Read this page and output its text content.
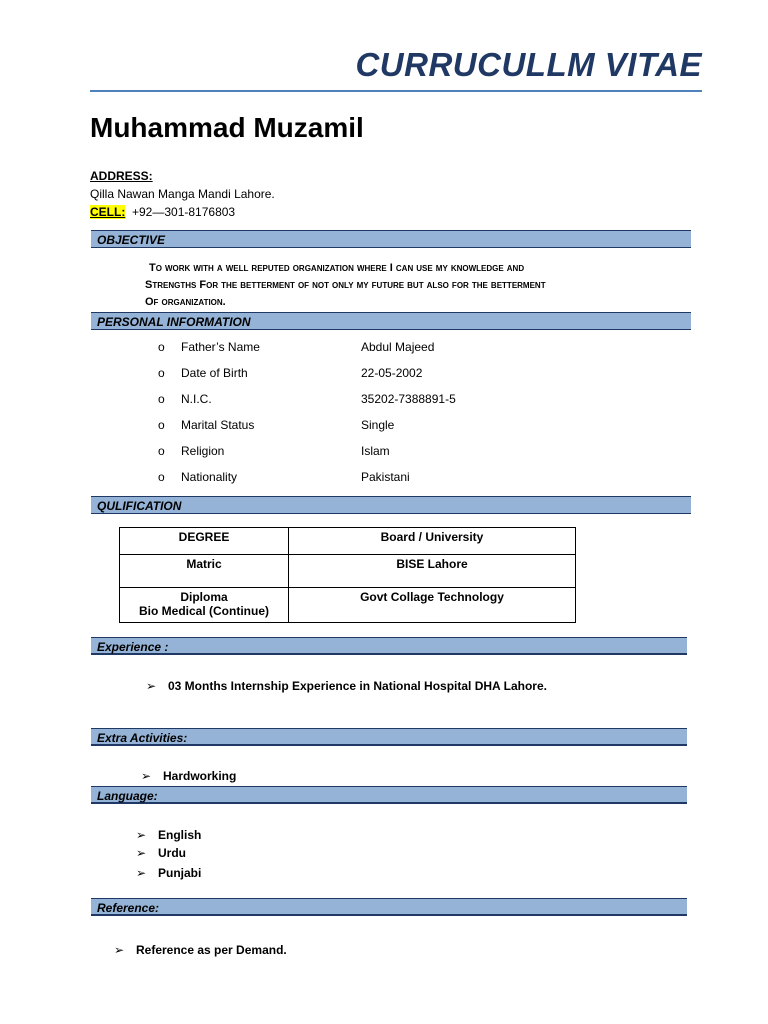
CURRUCULLM VITAE
Muhammad Muzamil
ADDRESS:
Qilla Nawan Manga Mandi Lahore.
CELL: +92—301-8176803
OBJECTIVE
To work with a well reputed organization where I can use my knowledge and
Strengths For the betterment of not only my future but also for the betterment
Of organization.
PERSONAL INFORMATION
o Father’s Name	Abdul Majeed
o Date of Birth	22-05-2002
o N.I.C.	35202-7388891-5
o Marital Status	Single
o Religion	Islam
o Nationality	Pakistani
QULIFICATION
DEGREE	Board / University
Matric	BISE Lahore

Diploma
Bio Medical (Continue)	Govt Collage Technology
Experience :
➢ 03 Months Internship Experience in National Hospital DHA Lahore.
Extra Activities:
➢ Hardworking
Language:
➢ English
➢ Urdu
➢ Punjabi
Reference:
➢ Reference as per Demand.
